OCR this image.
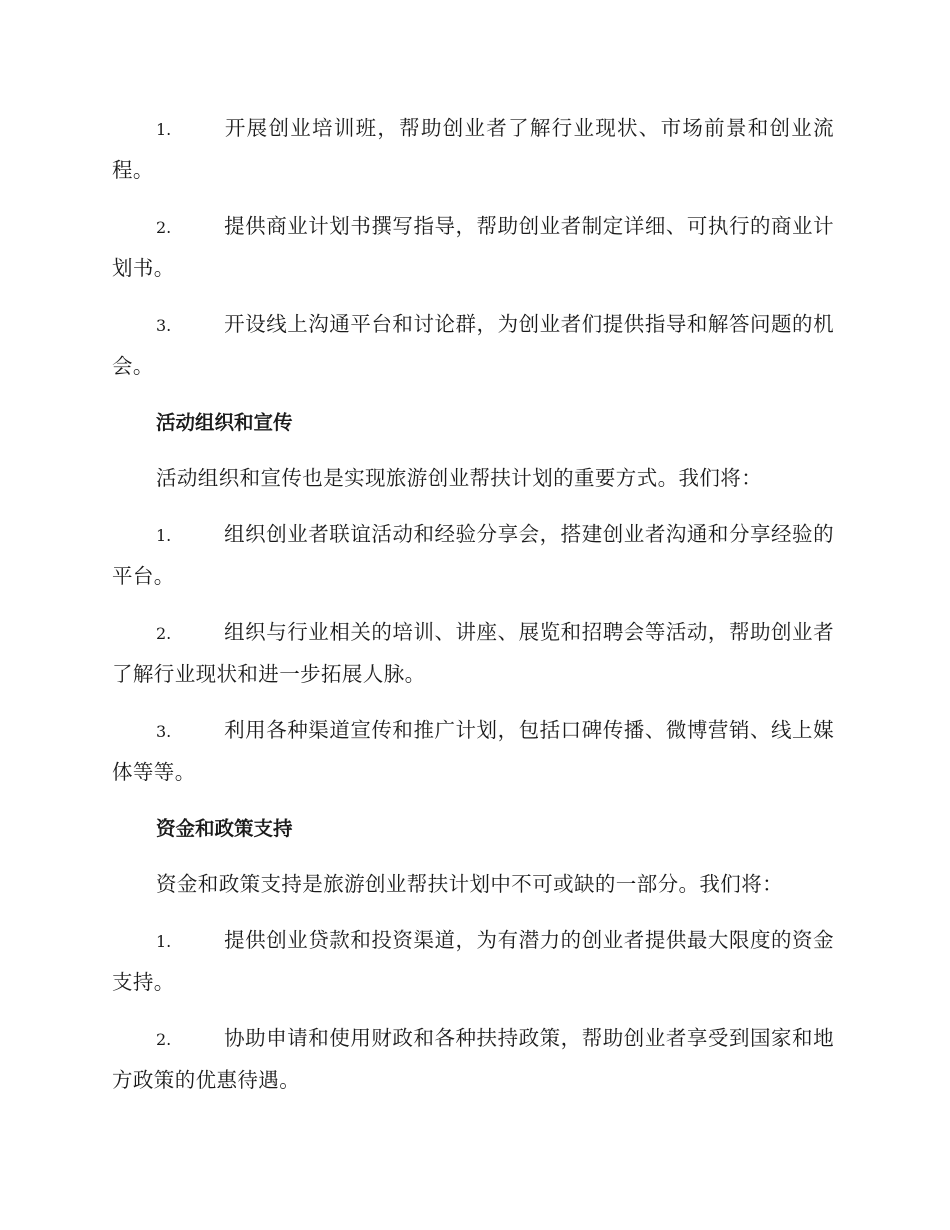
1.	开展创业培训班，帮助创业者了解行业现状、市场前景和创业流程。

2.	提供商业计划书撰写指导，帮助创业者制定详细、可执行的商业计划书。

3.	开设线上沟通平台和讨论群，为创业者们提供指导和解答问题的机会。

活动组织和宣传

活动组织和宣传也是实现旅游创业帮扶计划的重要方式。我们将：

1.	组织创业者联谊活动和经验分享会，搭建创业者沟通和分享经验的平台。

2.	组织与行业相关的培训、讲座、展览和招聘会等活动，帮助创业者了解行业现状和进一步拓展人脉。

3.	利用各种渠道宣传和推广计划，包括口碑传播、微博营销、线上媒体等等。

资金和政策支持

资金和政策支持是旅游创业帮扶计划中不可或缺的一部分。我们将：

1.	提供创业贷款和投资渠道，为有潜力的创业者提供最大限度的资金支持。

2.	协助申请和使用财政和各种扶持政策，帮助创业者享受到国家和地方政策的优惠待遇。
